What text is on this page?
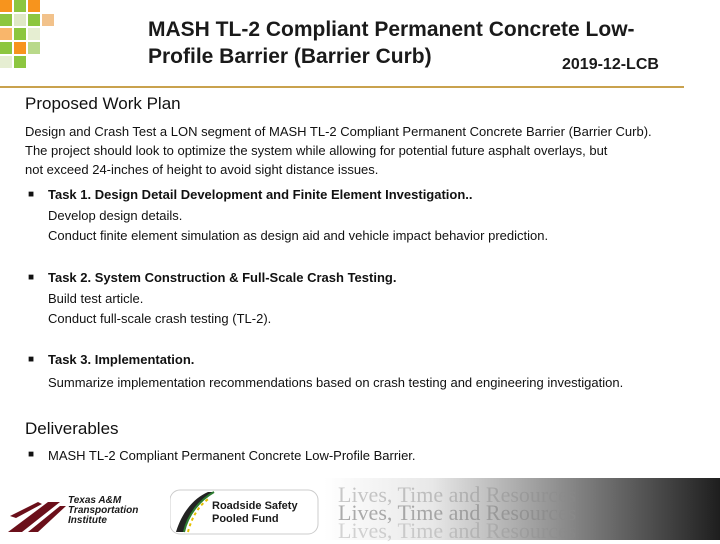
MASH TL-2 Compliant Permanent Concrete Low-
Profile Barrier (Barrier Curb)	2019-12-LCB
Proposed Work Plan
Design and Crash Test a LON segment of MASH TL-2 Compliant Permanent Concrete Barrier (Barrier Curb).
The project should look to optimize the system while allowing for potential future asphalt overlays, but
not exceed 24-inches of height to avoid sight distance issues.
■ Task 1. Design Detail Development and Finite Element Investigation..
Develop design details.
Conduct finite element simulation as design aid and vehicle impact behavior prediction.
■ Task 2. System Construction & Full-Scale Crash Testing.
Build test article.
Conduct full-scale crash testing (TL-2).
■ Task 3. Implementation.
Summarize implementation recommendations based on crash testing and engineering investigation.
Deliverables
■ MASH TL-2 Compliant Permanent Concrete Low-Profile Barrier.
Lives, Time and Resources
Lives, Time and Resources
Lives, Time and Resources
Texas A&M
Transportation
Institute
Roadside Safety
Pooled Fund
